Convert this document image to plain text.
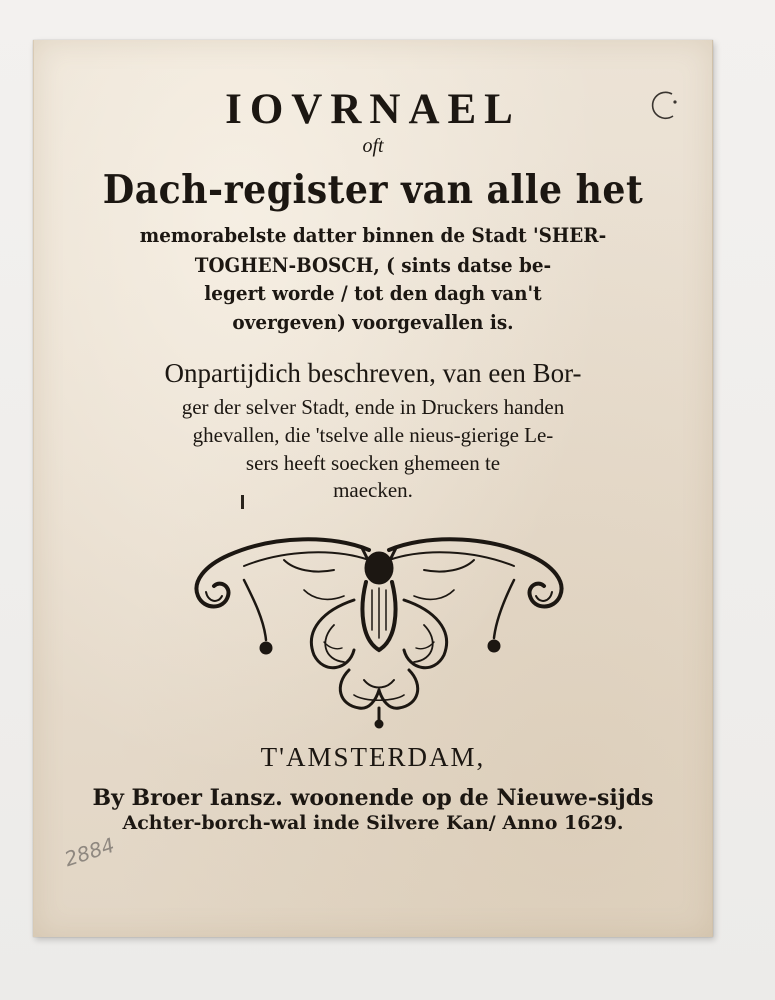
IOVRNAEL
oft
Dach-register van alle het
memorabelste datter binnen de Stadt 'SHER-
TOGHEN-BOSCH, ( sints datse be-
legert worde / tot den dagh van't
overgeven) voorgevallen is.
Onpartijdich beschreven, van een Bor-
ger der selver Stadt, ende in Druckers handen
ghevallen, die 'tselve alle nieus-gierige Le-
sers heeft soecken ghemeen te
maecken.
T'AMSTERDAM,
By Broer Iansz. woonende op de Nieuwe-sijds
Achter-borch-wal inde Silvere Kan/ Anno 1629.
2884
